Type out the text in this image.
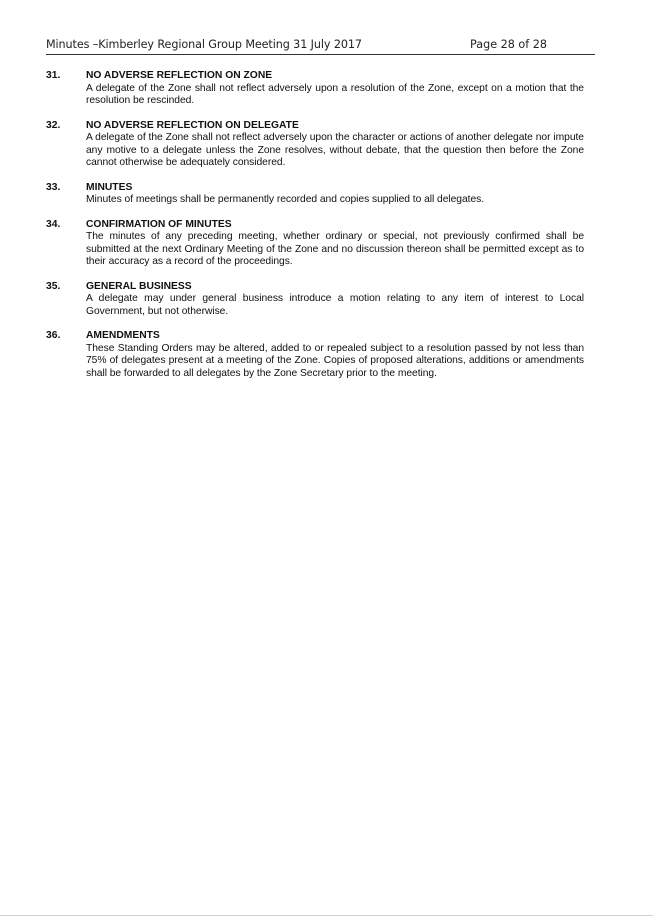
Minutes –Kimberley Regional Group Meeting 31 July 2017	Page 28 of 28
31. NO ADVERSE REFLECTION ON ZONE
A delegate of the Zone shall not reflect adversely upon a resolution of the Zone, except on a motion that the resolution be rescinded.
32. NO ADVERSE REFLECTION ON DELEGATE
A delegate of the Zone shall not reflect adversely upon the character or actions of another delegate nor impute any motive to a delegate unless the Zone resolves, without debate, that the question then before the Zone cannot otherwise be adequately considered.
33. MINUTES
Minutes of meetings shall be permanently recorded and copies supplied to all delegates.
34. CONFIRMATION OF MINUTES
The minutes of any preceding meeting, whether ordinary or special, not previously confirmed shall be submitted at the next Ordinary Meeting of the Zone and no discussion thereon shall be permitted except as to their accuracy as a record of the proceedings.
35. GENERAL BUSINESS
A delegate may under general business introduce a motion relating to any item of interest to Local Government, but not otherwise.
36. AMENDMENTS
These Standing Orders may be altered, added to or repealed subject to a resolution passed by not less than 75% of delegates present at a meeting of the Zone. Copies of proposed alterations, additions or amendments shall be forwarded to all delegates by the Zone Secretary prior to the meeting.
